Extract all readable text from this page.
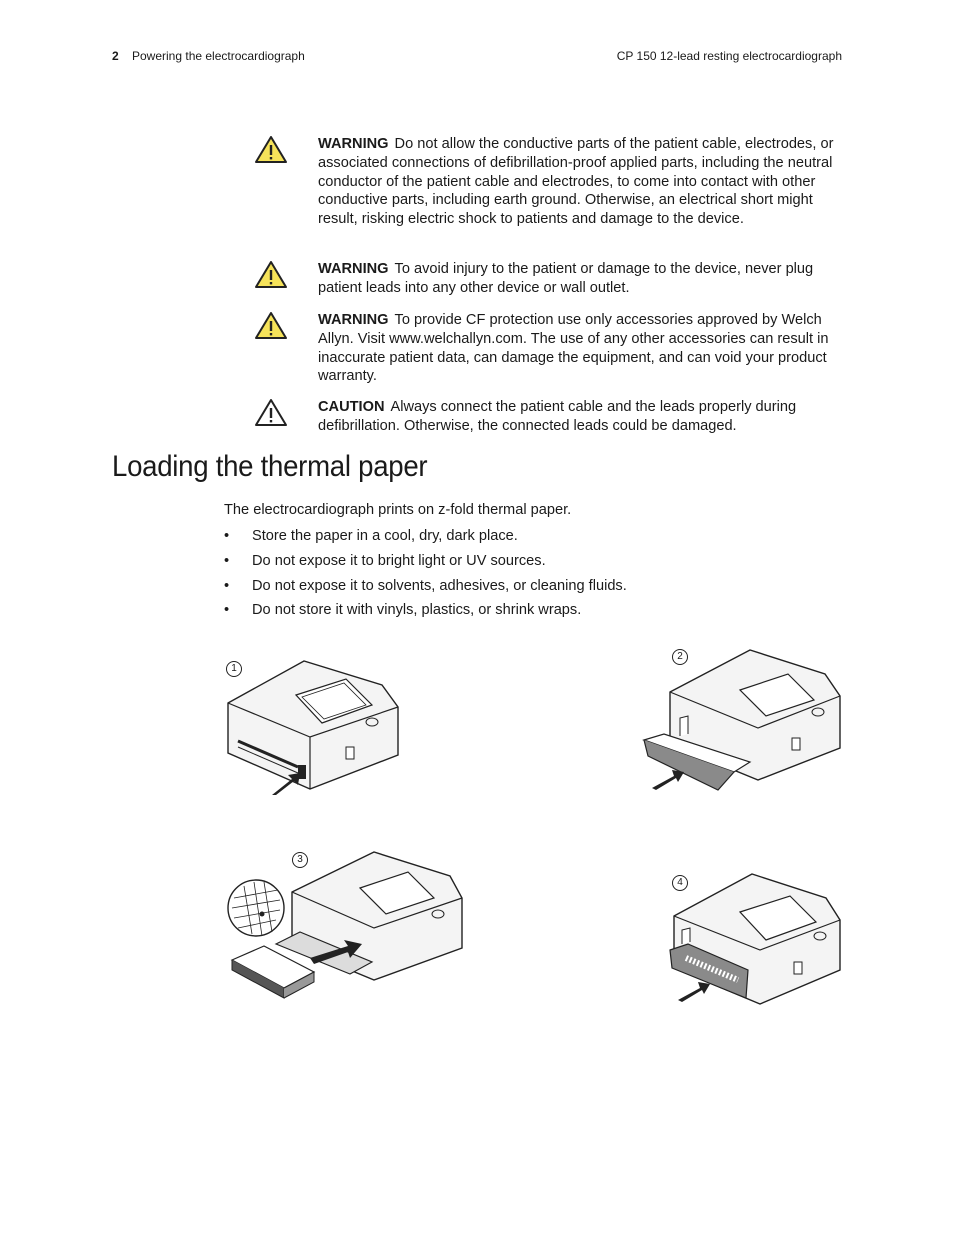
2 Powering the electrocardiograph	CP 150 12-lead resting electrocardiograph
WARNING Do not allow the conductive parts of the patient cable, electrodes, or associated connections of defibrillation-proof applied parts, including the neutral conductor of the patient cable and electrodes, to come into contact with other conductive parts, including earth ground. Otherwise, an electrical short might result, risking electric shock to patients and damage to the device.
WARNING To avoid injury to the patient or damage to the device, never plug patient leads into any other device or wall outlet.
WARNING To provide CF protection use only accessories approved by Welch Allyn. Visit www.welchallyn.com. The use of any other accessories can result in inaccurate patient data, can damage the equipment, and can void your product warranty.
CAUTION Always connect the patient cable and the leads properly during defibrillation. Otherwise, the connected leads could be damaged.
Loading the thermal paper
The electrocardiograph prints on z-fold thermal paper.
• Store the paper in a cool, dry, dark place.
• Do not expose it to bright light or UV sources.
• Do not expose it to solvents, adhesives, or cleaning fluids.
• Do not store it with vinyls, plastics, or shrink wraps.
1
2
3
4
